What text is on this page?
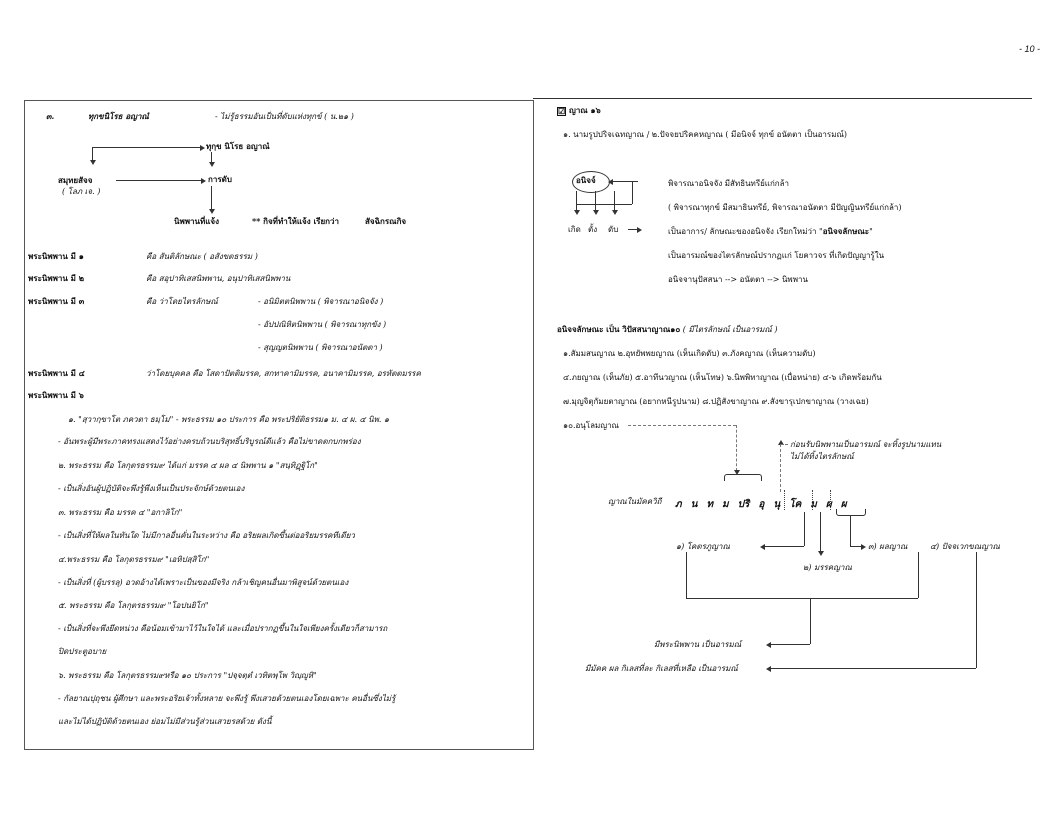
- 10 -
๓.	ทุกขนิโรธ อญาณํ	- ไม่รู้ธรรมอันเป็นที่ดับแห่งทุกข์ ( น.๒๑ )
ทุกฺข นิโรธ อญาณํ
สมุทยสัจจ
( โลภ เจ. )
การดับ
นิพพานที่แจ้ง	** กิจที่ทำให้แจ้ง เรียกว่า	สัจฉิกรณกิจ
พระนิพพาน มี ๑	คือ สันติลักษณะ ( อสังขตธรรม )
พระนิพพาน มี ๒	คือ สอุปาทิเสสนิพพาน, อนุปาทิเสสนิพพาน
พระนิพพาน มี ๓	คือ ว่าโดยไตรลักษณ์	- อนิมิตตนิพพาน ( พิจารณาอนิจจัง )
- อัปปณิหิตนิพพาน ( พิจารณาทุกขัง )
- สุญญตนิพพาน ( พิจารณาอนัตตา )
พระนิพพาน มี ๔	ว่าโดยบุคคล คือ โสดาปัตติมรรค, สกทาคามิมรรค, อนาคามิมรรค, อรหัตตมรรค
พระนิพพาน มี ๖
๑. "สฺวากฺขาโต ภควตา ธมฺโม" - พระธรรม ๑๐ ประการ คือ พระปริยัติธรรม๑ ม. ๔ ผ. ๔ นิพ. ๑
- อันพระผู้มีพระภาคทรงแสดงไว้อย่างครบถ้วนบริสุทธิ์บริบูรณ์ดีแล้ว คือไม่ขาดตกบกพร่อง
๒. พระธรรม คือ โลกุตรธรรม๙ ได้แก่ มรรค ๔ ผล ๔ นิพพาน ๑ "สนฺทิฏฺฐิโก"
- เป็นสิ่งอันผู้ปฏิบัติจะพึงรู้พึงเห็นเป็นประจักษ์ด้วยตนเอง
๓. พระธรรม คือ มรรค ๔ "อกาลิโก"
- เป็นสิ่งที่ให้ผลในทันใด ไม่มีกาลอื่นคั่นในระหว่าง คือ อริยผลเกิดขึ้นต่ออริยมรรคทีเดียว
๔.พระธรรม คือ โลกุตรธรรม๙ "เอหิปสฺสิโก"
- เป็นสิ่งที่ (ผู้บรรลุ) อวดอ้างได้เพราะเป็นของมีจริง กล้าเชิญคนอื่นมาพิสูจน์ด้วยตนเอง
๕. พระธรรม คือ โลกุตรธรรม๙ "โอปนยิโก"
- เป็นสิ่งที่จะพึงยึดหน่วง คือน้อมเข้ามาไว้ในใจได้ และเมื่อปรากฏขึ้นในใจเพียงครั้งเดียวก็สามารถ
ปิดประตูอบาย
๖. พระธรรม คือ โลกุตรธรรม๙หรือ ๑๐ ประการ "ปจฺจตฺตํ เวทิตพฺโพ วิญฺญูหิ"
- กัลยาณปุถุชน ผู้ศึกษา และพระอริยเจ้าทั้งหลาย จะพึงรู้ พึงเสวยด้วยตนเองโดยเฉพาะ คนอื่นซึ่งไม่รู้
และไม่ได้ปฏิบัติด้วยตนเอง ย่อมไม่มีส่วนรู้ส่วนเสวยรสด้วย ดังนี้
☑ ญาณ ๑๖
๑. นามรูปปริจเฉทญาณ / ๒.ปัจจยปริคคหญาณ ( มีอนิจจ์ ทุกข์ อนัตตา เป็นอารมณ์)
อนิจจ์
เกิด ตั้ง ดับ
พิจารณาอนิจจัง มีสัทธินทรีย์แก่กล้า
( พิจารณาทุกข์ มีสมาธินทรีย์, พิจารณาอนัตตา มีปัญญินทรีย์แก่กล้า)
เป็นอาการ/ ลักษณะของอนิจจัง เรียกใหม่ว่า "อนิจจลักษณะ"
เป็นอารมณ์ของไตรลักษณ์ปรากฏแก่ โยคาวจร ที่เกิดปัญญารู้ใน
อนิจจานุปัสสนา --> อนัตตา --> นิพพาน
อนิจจลักษณะ เป็น วิปัสสนาญาณ๑๐ ( มีไตรลักษณ์ เป็นอารมณ์ )
๑.สัมมสนญาณ ๒.อุทยัพพยญาณ (เห็นเกิดดับ) ๓.ภังคญาณ (เห็นความดับ)
๔.ภยญาณ (เห็นภัย) ๕.อาทีนวญาณ (เห็นโทษ) ๖.นิพพิทาญาณ (เบื่อหน่าย) ๔-๖ เกิดพร้อมกัน
๗.มุญจิตุกัมยตาญาณ (อยากหนีรูปนาม) ๘.ปฏิสังขาญาณ ๙.สังขารุเปกขาญาณ (วางเฉย)
๑๐.อนุโลมญาณ
ก่อนรับนิพพานเป็นอารมณ์ จะทิ้งรูปนามแทน
ไม่ได้ทิ้งไตรลักษณ์
ญาณในมัคควิถี ภ น ท ม ปริ อุ นุ โค ม ผ ผ
๑) โคตรภูญาณ
๒) มรรคญาณ
๓) ผลญาณ	๔) ปัจจเวกขณญาณ
มีพระนิพพาน เป็นอารมณ์
มีมัคค ผล กิเลสที่ละ กิเลสที่เหลือ เป็นอารมณ์
